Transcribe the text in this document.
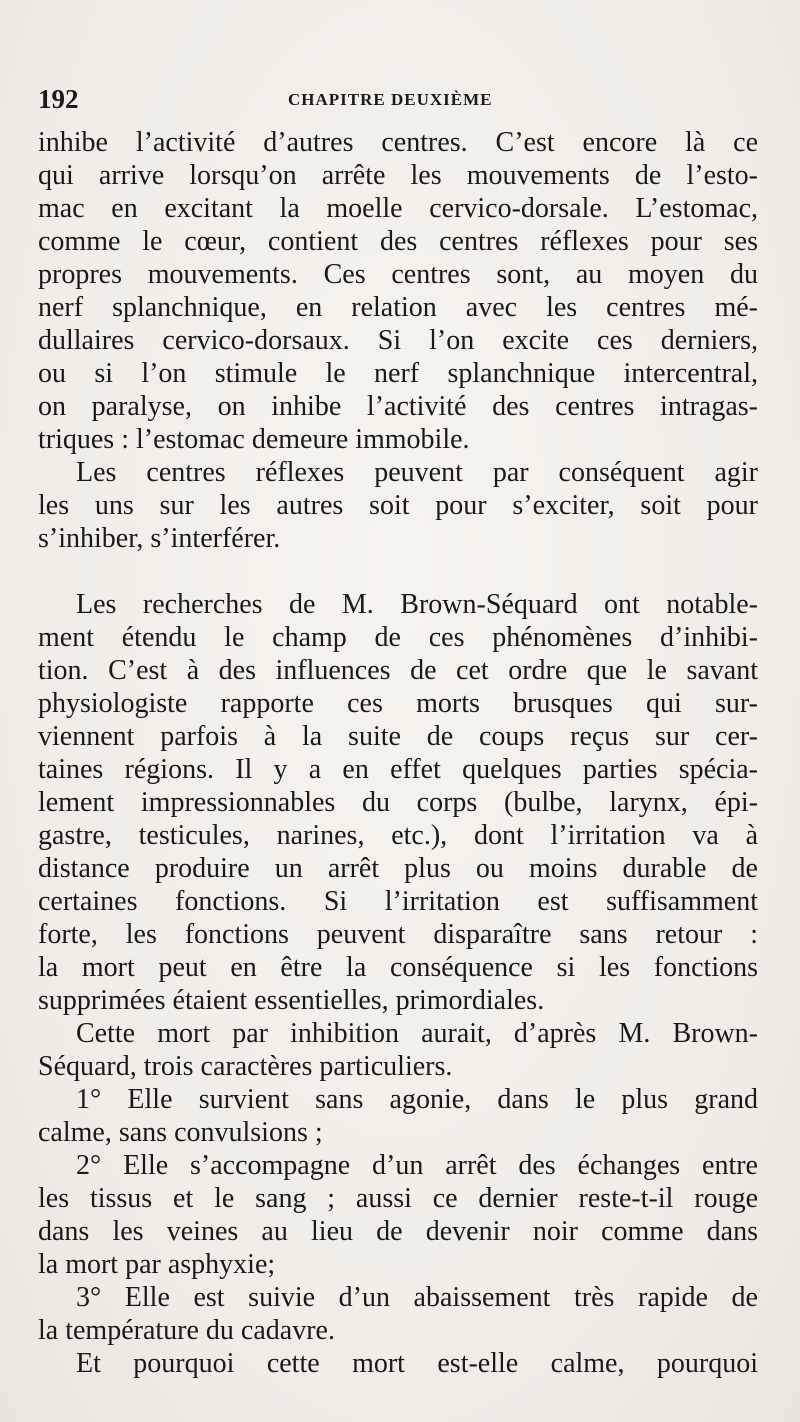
192	CHAPITRE DEUXIÈME
inhibe l’activité d’autres centres. C’est encore là ce
qui arrive lorsqu’on arrête les mouvements de l’esto-
mac en excitant la moelle cervico-dorsale. L’estomac,
comme le cœur, contient des centres réflexes pour ses
propres mouvements. Ces centres sont, au moyen du
nerf splanchnique, en relation avec les centres mé-
dullaires cervico-dorsaux. Si l’on excite ces derniers,
ou si l’on stimule le nerf splanchnique intercentral,
on paralyse, on inhibe l’activité des centres intragas-
triques : l’estomac demeure immobile.
Les centres réflexes peuvent par conséquent agir
les uns sur les autres soit pour s’exciter, soit pour
s’inhiber, s’interférer.
Les recherches de M. Brown-Séquard ont notable-
ment étendu le champ de ces phénomènes d’inhibi-
tion. C’est à des influences de cet ordre que le savant
physiologiste rapporte ces morts brusques qui sur-
viennent parfois à la suite de coups reçus sur cer-
taines régions. Il y a en effet quelques parties spécia-
lement impressionnables du corps (bulbe, larynx, épi-
gastre, testicules, narines, etc.), dont l’irritation va à
distance produire un arrêt plus ou moins durable de
certaines fonctions. Si l’irritation est suffisamment
forte, les fonctions peuvent disparaître sans retour :
la mort peut en être la conséquence si les fonctions
supprimées étaient essentielles, primordiales.
Cette mort par inhibition aurait, d’après M. Brown-
Séquard, trois caractères particuliers.
1° Elle survient sans agonie, dans le plus grand
calme, sans convulsions ;
2° Elle s’accompagne d’un arrêt des échanges entre
les tissus et le sang ; aussi ce dernier reste-t-il rouge
dans les veines au lieu de devenir noir comme dans
la mort par asphyxie;
3° Elle est suivie d’un abaissement très rapide de
la température du cadavre.
Et pourquoi cette mort est-elle calme, pourquoi
